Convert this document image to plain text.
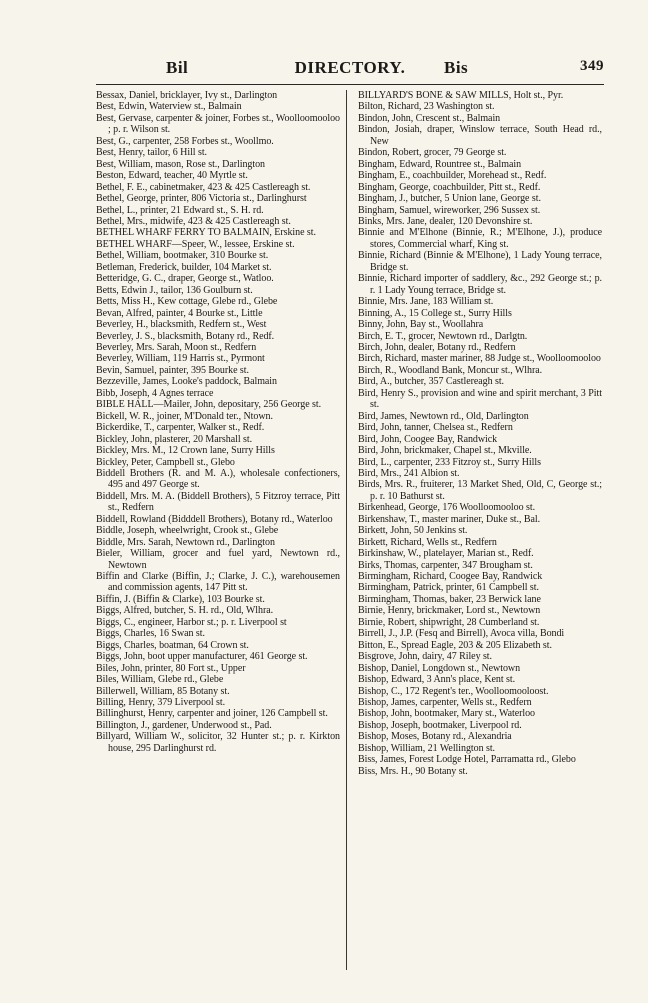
Bil	DIRECTORY.	Bis	349
Bessax, Daniel, bricklayer, Ivy st., Darlington
Best, Edwin, Waterview st., Balmain
Best, Gervase, carpenter & joiner, Forbes st., Woolloomooloo ; p. r. Wilson st.
Best, G., carpenter, 258 Forbes st., Woollmo.
Best, Henry, tailor, 6 Hill st.
Best, William, mason, Rose st., Darlington
Beston, Edward, teacher, 40 Myrtle st.
Bethel, F. E., cabinetmaker, 423 & 425 Castlereagh st.
Bethel, George, printer, 806 Victoria st., Darlinghurst
Bethel, L., printer, 21 Edward st., S. H. rd.
Bethel, Mrs., midwife, 423 & 425 Castlereagh st.
BETHEL WHARF FERRY TO BALMAIN, Erskine st.
BETHEL WHARF—Speer, W., lessee, Erskine st.
Bethel, William, bootmaker, 310 Bourke st.
Betleman, Frederick, builder, 104 Market st.
Betteridge, G. C., draper, George st., Watloo.
Betts, Edwin J., tailor, 136 Goulburn st.
Betts, Miss H., Kew cottage, Glebe rd., Glebe
Bevan, Alfred, painter, 4 Bourke st., Little
Beverley, H., blacksmith, Redfern st., West
Beverley, J. S., blacksmith, Botany rd., Redf.
Beverley, Mrs. Sarah, Moon st., Redfern
Beverley, William, 119 Harris st., Pyrmont
Bevin, Samuel, painter, 395 Bourke st.
Bezzeville, James, Looke's paddock, Balmain
Bibb, Joseph, 4 Agnes terrace
BIBLE HALL—Mailer, John, depositary, 256 George st.
Bickell, W. R., joiner, M'Donald ter., Ntown.
Bickerdike, T., carpenter, Walker st., Redf.
Bickley, John, plasterer, 20 Marshall st.
Bickley, Mrs. M., 12 Crown lane, Surry Hills
Bickley, Peter, Campbell st., Glebo
Biddell Brothers (R. and M. A.), wholesale confectioners, 495 and 497 George st.
Biddell, Mrs. M. A. (Biddell Brothers), 5 Fitzroy terrace, Pitt st., Redfern
Biddell, Rowland (Bidddell Brothers), Botany rd., Waterloo
Biddle, Joseph, wheelwright, Crook st., Glebe
Biddle, Mrs. Sarah, Newtown rd., Darlington
Bieler, William, grocer and fuel yard, Newtown rd., Newtown
Biffin and Clarke (Biffin, J.; Clarke, J. C.), warehousemen and commission agents, 147 Pitt st.
Biffin, J. (Biffin & Clarke), 103 Bourke st.
Biggs, Alfred, butcher, S. H. rd., Old, Wlhra.
Biggs, C., engineer, Harbor st.; p. r. Liverpool st
Biggs, Charles, 16 Swan st.
Biggs, Charles, boatman, 64 Crown st.
Biggs, John, boot upper manufacturer, 461 George st.
Biles, John, printer, 80 Fort st., Upper
Biles, William, Glebe rd., Glebe
Billerwell, William, 85 Botany st.
Billing, Henry, 379 Liverpool st.
Billinghurst, Henry, carpenter and joiner, 126 Campbell st.
Billington, J., gardener, Underwood st., Pad.
Billyard, William W., solicitor, 32 Hunter st.; p. r. Kirkton house, 295 Darlinghurst rd.
BILLYARD'S BONE & SAW MILLS, Holt st., Pyr.
Bilton, Richard, 23 Washington st.
Bindon, John, Crescent st., Balmain
Bindon, Josiah, draper, Winslow terrace, South Head rd., New
Bindon, Robert, grocer, 79 George st.
Bingham, Edward, Rountree st., Balmain
Bingham, E., coachbuilder, Morehead st., Redf.
Bingham, George, coachbuilder, Pitt st., Redf.
Bingham, J., butcher, 5 Union lane, George st.
Bingham, Samuel, wireworker, 296 Sussex st.
Binks, Mrs. Jane, dealer, 120 Devonshire st.
Binnie and M'Elhone (Binnie, R.; M'Elhone, J.), produce stores, Commercial wharf, King st.
Binnie, Richard (Binnie & M'Elhone), 1 Lady Young terrace, Bridge st.
Binnie, Richard importer of saddlery, &c., 292 George st.; p. r. 1 Lady Young terrace, Bridge st.
Binnie, Mrs. Jane, 183 William st.
Binning, A., 15 College st., Surry Hills
Binny, John, Bay st., Woollahra
Birch, E. T., grocer, Newtown rd., Darlgtn.
Birch, John, dealer, Botany rd., Redfern
Birch, Richard, master mariner, 88 Judge st., Woolloomooloo
Birch, R., Woodland Bank, Moncur st., Wlhra.
Bird, A., butcher, 357 Castlereagh st.
Bird, Henry S., provision and wine and spirit merchant, 3 Pitt st.
Bird, James, Newtown rd., Old, Darlington
Bird, John, tanner, Chelsea st., Redfern
Bird, John, Coogee Bay, Randwick
Bird, John, brickmaker, Chapel st., Mkville.
Bird, L., carpenter, 233 Fitzroy st., Surry Hills
Bird, Mrs., 241 Albion st.
Birds, Mrs. R., fruiterer, 13 Market Shed, Old, C, George st.; p. r. 10 Bathurst st.
Birkenhead, George, 176 Woolloomooloo st.
Birkenshaw, T., master mariner, Duke st., Bal.
Birkett, John, 50 Jenkins st.
Birkett, Richard, Wells st., Redfern
Birkinshaw, W., platelayer, Marian st., Redf.
Birks, Thomas, carpenter, 347 Brougham st.
Birmingham, Richard, Coogee Bay, Randwick
Birmingham, Patrick, printer, 61 Campbell st.
Birmingham, Thomas, baker, 23 Berwick lane
Birnie, Henry, brickmaker, Lord st., Newtown
Birnie, Robert, shipwright, 28 Cumberland st.
Birrell, J., J.P. (Fesq and Birrell), Avoca villa, Bondi
Bitton, E., Spread Eagle, 203 & 205 Elizabeth st.
Bisgrove, John, dairy, 47 Riley st.
Bishop, Daniel, Longdown st., Newtown
Bishop, Edward, 3 Ann's place, Kent st.
Bishop, C., 172 Regent's ter., Woolloomooloost.
Bishop, James, carpenter, Wells st., Redfern
Bishop, John, bootmaker, Mary st., Waterloo
Bishop, Joseph, bootmaker, Liverpool rd.
Bishop, Moses, Botany rd., Alexandria
Bishop, William, 21 Wellington st.
Biss, James, Forest Lodge Hotel, Parramatta rd., Glebo
Biss, Mrs. H., 90 Botany st.
